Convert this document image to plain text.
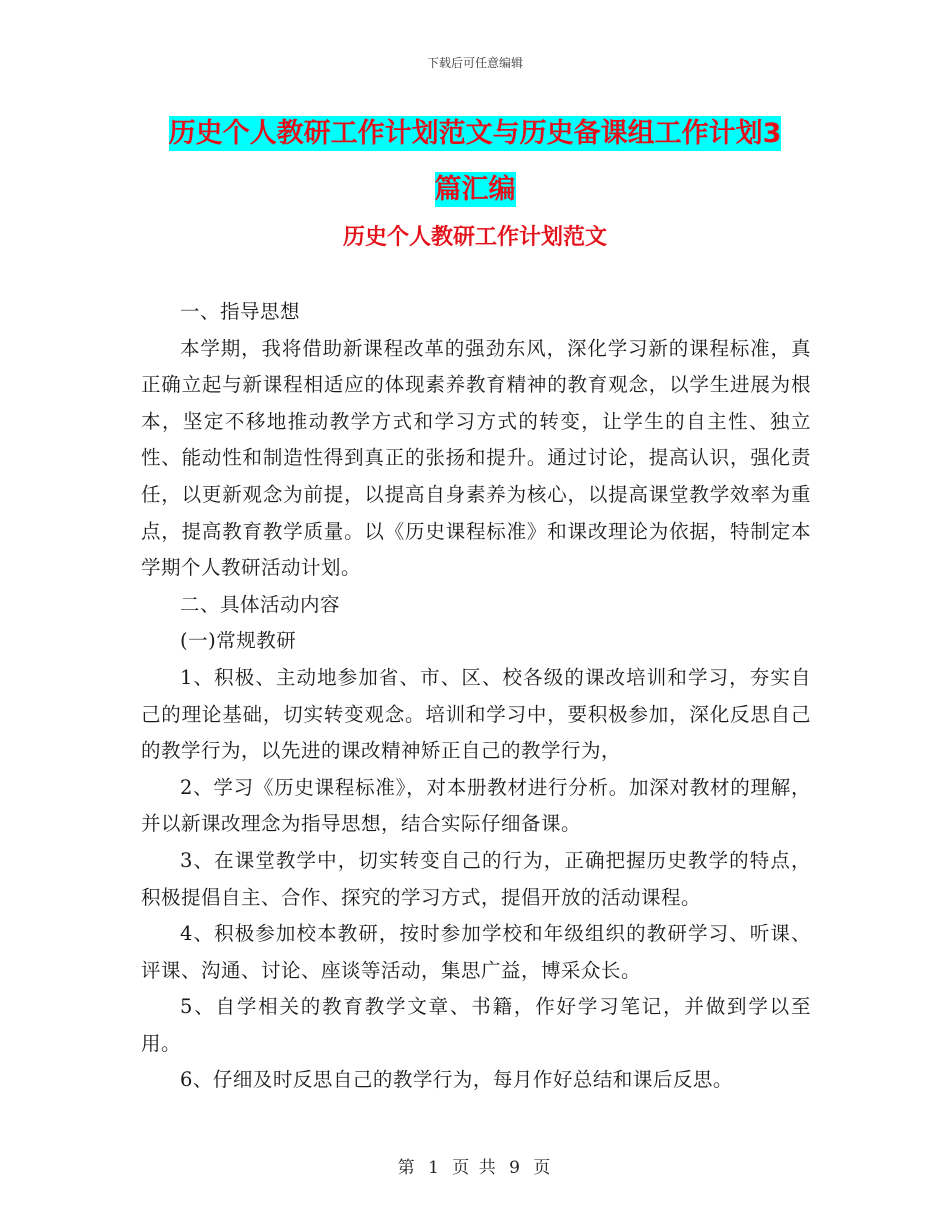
下载后可任意编辑
历史个人教研工作计划范文与历史备课组工作计划3
篇汇编
历史个人教研工作计划范文

一、指导思想

本学期，我将借助新课程改革的强劲东风，深化学习新的课程标准，真正确立起与新课程相适应的体现素养教育精神的教育观念，以学生进展为根本，坚定不移地推动教学方式和学习方式的转变，让学生的自主性、独立性、能动性和制造性得到真正的张扬和提升。通过讨论，提高认识，强化责任，以更新观念为前提，以提高自身素养为核心，以提高课堂教学效率为重点，提高教育教学质量。以《历史课程标准》和课改理论为依据，特制定本学期个人教研活动计划。

二、具体活动内容

(一)常规教研

1、积极、主动地参加省、市、区、校各级的课改培训和学习，夯实自己的理论基础，切实转变观念。培训和学习中，要积极参加，深化反思自己的教学行为，以先进的课改精神矫正自己的教学行为，

2、学习《历史课程标准》，对本册教材进行分析。加深对教材的理解，并以新课改理念为指导思想，结合实际仔细备课。

3、在课堂教学中，切实转变自己的行为，正确把握历史教学的特点，积极提倡自主、合作、探究的学习方式，提倡开放的活动课程。

4、积极参加校本教研，按时参加学校和年级组织的教研学习、听课、评课、沟通、讨论、座谈等活动，集思广益，博采众长。

5、自学相关的教育教学文章、书籍，作好学习笔记，并做到学以至用。

6、仔细及时反思自己的教学行为，每月作好总结和课后反思。

第 1 页 共 9 页
